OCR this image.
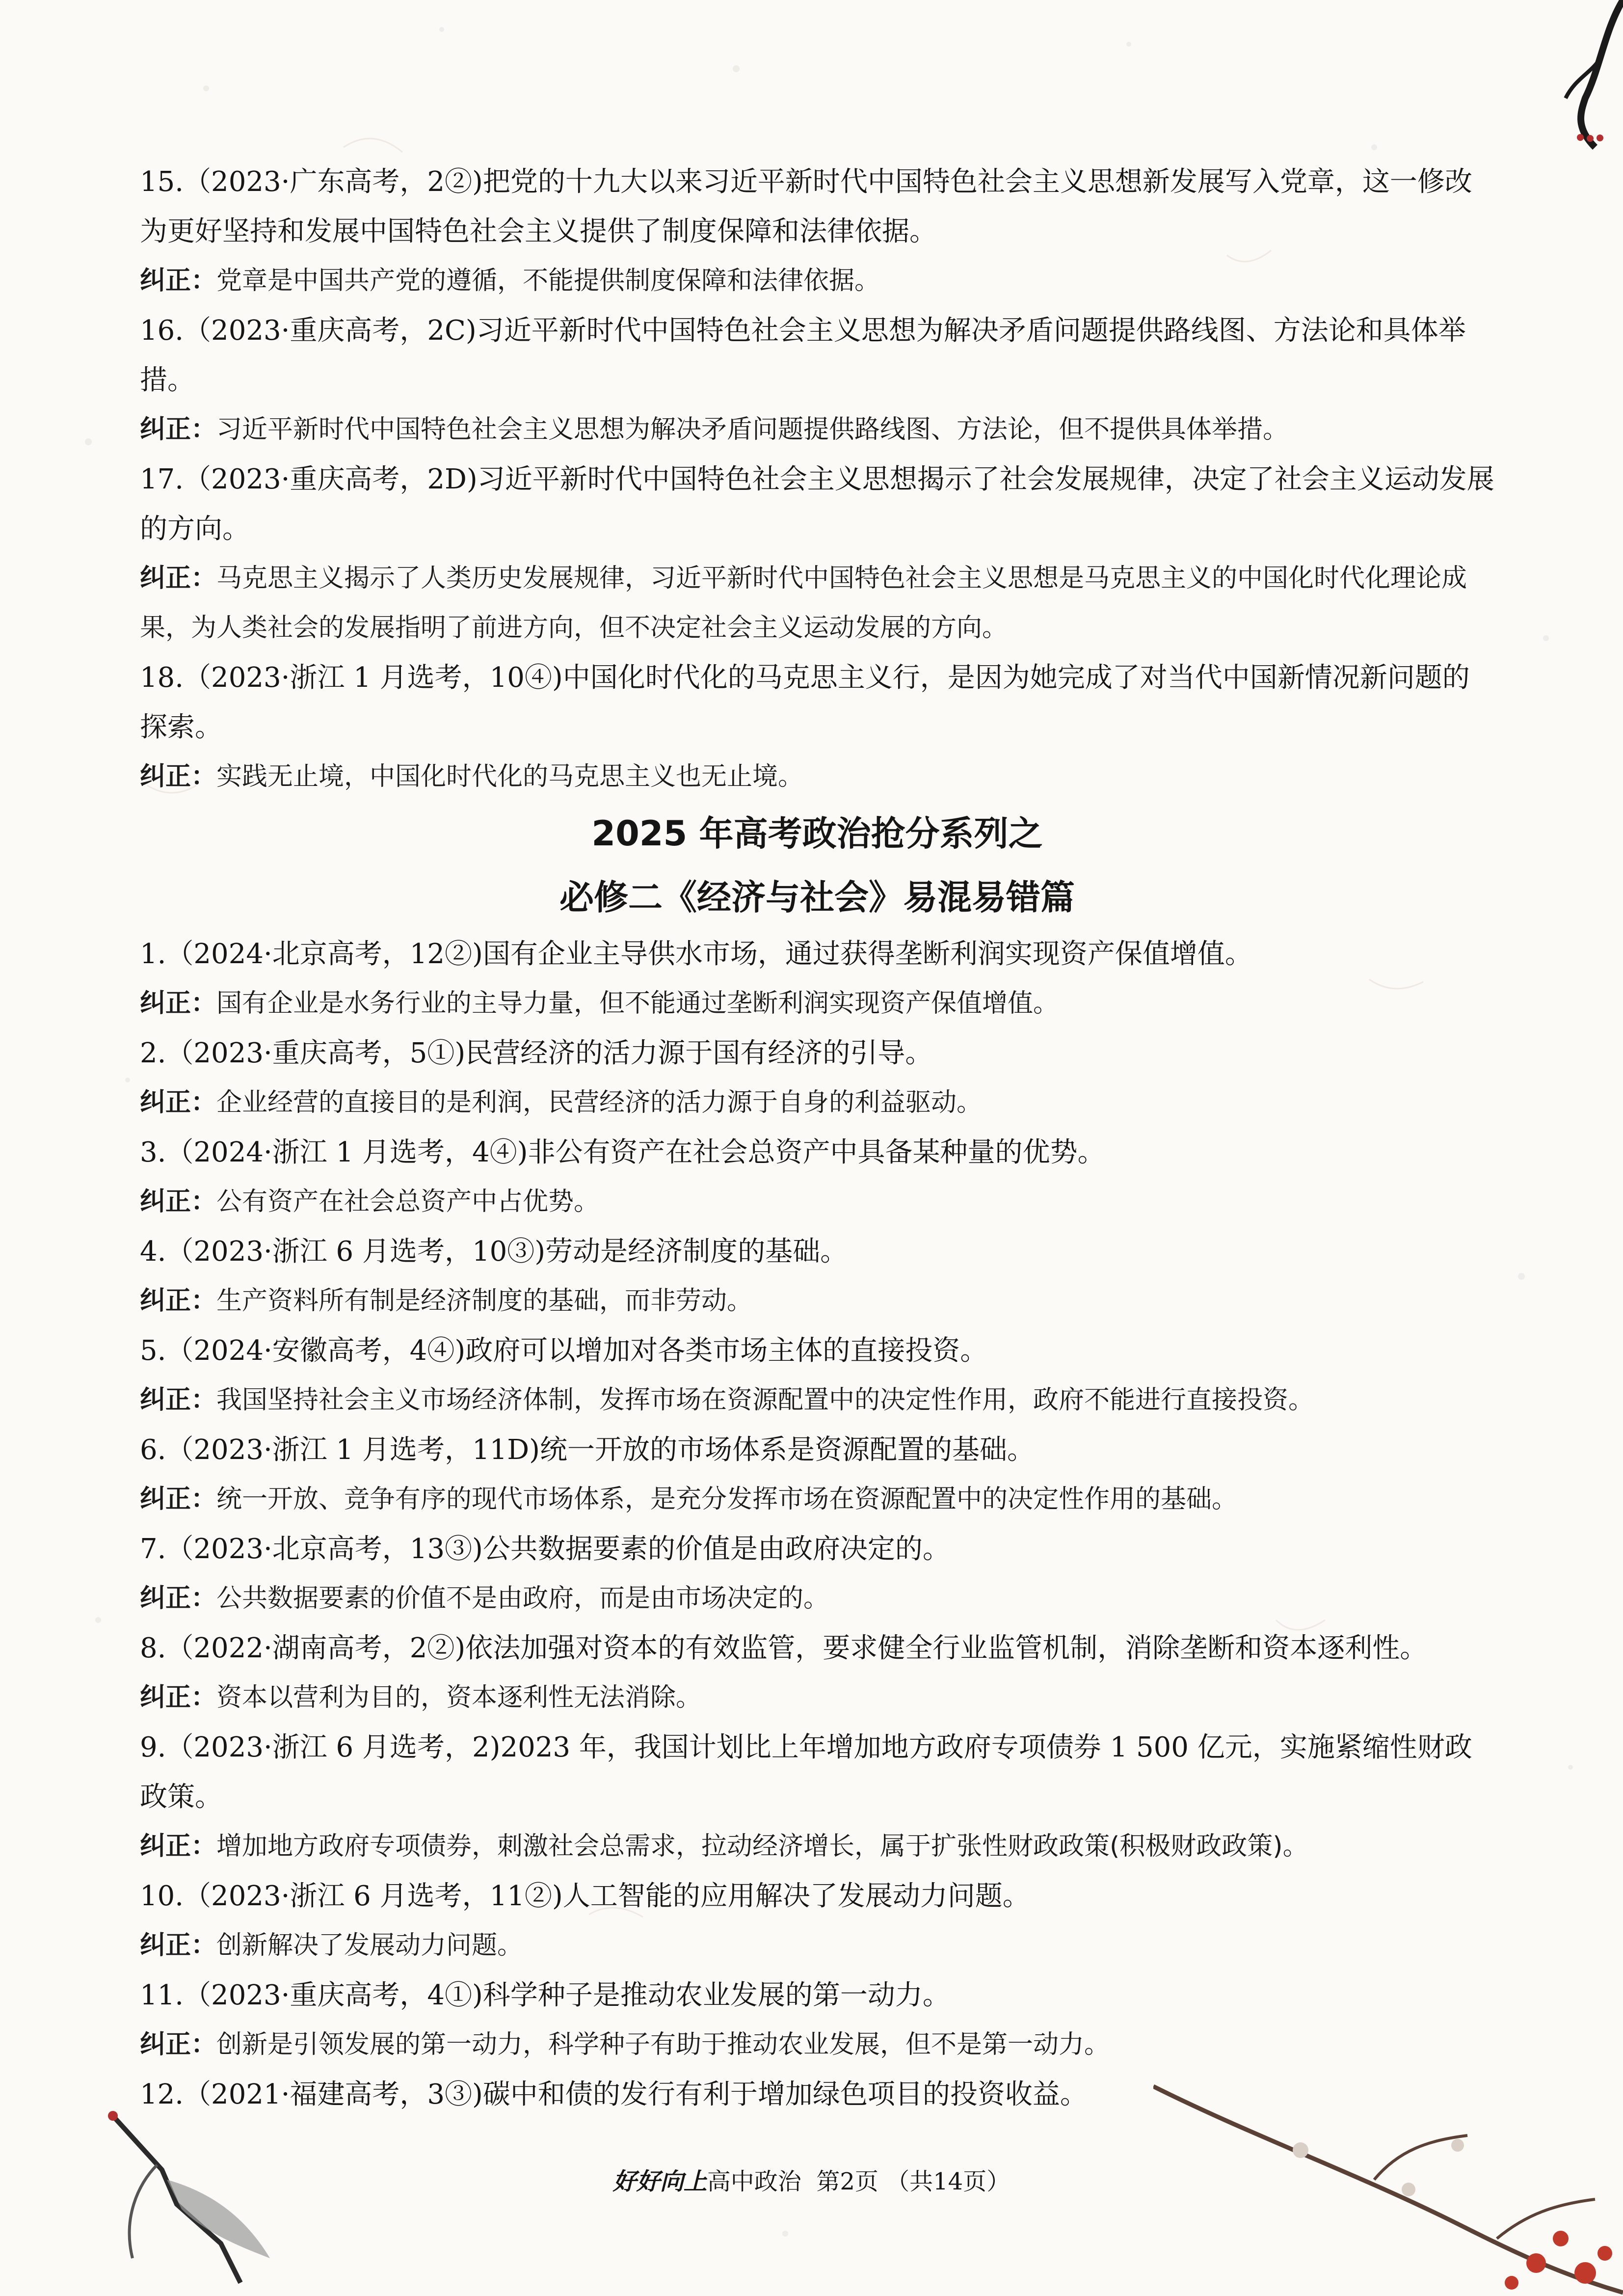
15.（2023·广东高考，2②)把党的十九大以来习近平新时代中国特色社会主义思想新发展写入党章，这一修改为更好坚持和发展中国特色社会主义提供了制度保障和法律依据。

纠正：党章是中国共产党的遵循，不能提供制度保障和法律依据。

16.（2023·重庆高考，2C)习近平新时代中国特色社会主义思想为解决矛盾问题提供路线图、方法论和具体举措。

纠正：习近平新时代中国特色社会主义思想为解决矛盾问题提供路线图、方法论，但不提供具体举措。

17.（2023·重庆高考，2D)习近平新时代中国特色社会主义思想揭示了社会发展规律，决定了社会主义运动发展的方向。

纠正：马克思主义揭示了人类历史发展规律，习近平新时代中国特色社会主义思想是马克思主义的中国化时代化理论成果，为人类社会的发展指明了前进方向，但不决定社会主义运动发展的方向。

18.（2023·浙江 1 月选考，10④)中国化时代化的马克思主义行，是因为她完成了对当代中国新情况新问题的探索。

纠正：实践无止境，中国化时代化的马克思主义也无止境。

2025 年高考政治抢分系列之
必修二《经济与社会》易混易错篇

1.（2024·北京高考，12②)国有企业主导供水市场，通过获得垄断利润实现资产保值增值。

纠正：国有企业是水务行业的主导力量，但不能通过垄断利润实现资产保值增值。

2.（2023·重庆高考，5①)民营经济的活力源于国有经济的引导。

纠正：企业经营的直接目的是利润，民营经济的活力源于自身的利益驱动。

3.（2024·浙江 1 月选考，4④)非公有资产在社会总资产中具备某种量的优势。

纠正：公有资产在社会总资产中占优势。

4.（2023·浙江 6 月选考，10③)劳动是经济制度的基础。

纠正：生产资料所有制是经济制度的基础，而非劳动。

5.（2024·安徽高考，4④)政府可以增加对各类市场主体的直接投资。

纠正：我国坚持社会主义市场经济体制，发挥市场在资源配置中的决定性作用，政府不能进行直接投资。

6.（2023·浙江 1 月选考，11D)统一开放的市场体系是资源配置的基础。

纠正：统一开放、竞争有序的现代市场体系，是充分发挥市场在资源配置中的决定性作用的基础。

7.（2023·北京高考，13③)公共数据要素的价值是由政府决定的。

纠正：公共数据要素的价值不是由政府，而是由市场决定的。

8.（2022·湖南高考，2②)依法加强对资本的有效监管，要求健全行业监管机制，消除垄断和资本逐利性。

纠正：资本以营利为目的，资本逐利性无法消除。

9.（2023·浙江 6 月选考，2)2023 年，我国计划比上年增加地方政府专项债券 1 500 亿元，实施紧缩性财政政策。

纠正：增加地方政府专项债券，刺激社会总需求，拉动经济增长，属于扩张性财政政策(积极财政政策)。

10.（2023·浙江 6 月选考，11②)人工智能的应用解决了发展动力问题。

纠正：创新解决了发展动力问题。

11.（2023·重庆高考，4①)科学种子是推动农业发展的第一动力。

纠正：创新是引领发展的第一动力，科学种子有助于推动农业发展，但不是第一动力。

12.（2021·福建高考，3③)碳中和债的发行有利于增加绿色项目的投资收益。

好好向上高中政治 第2页 （共14页）
